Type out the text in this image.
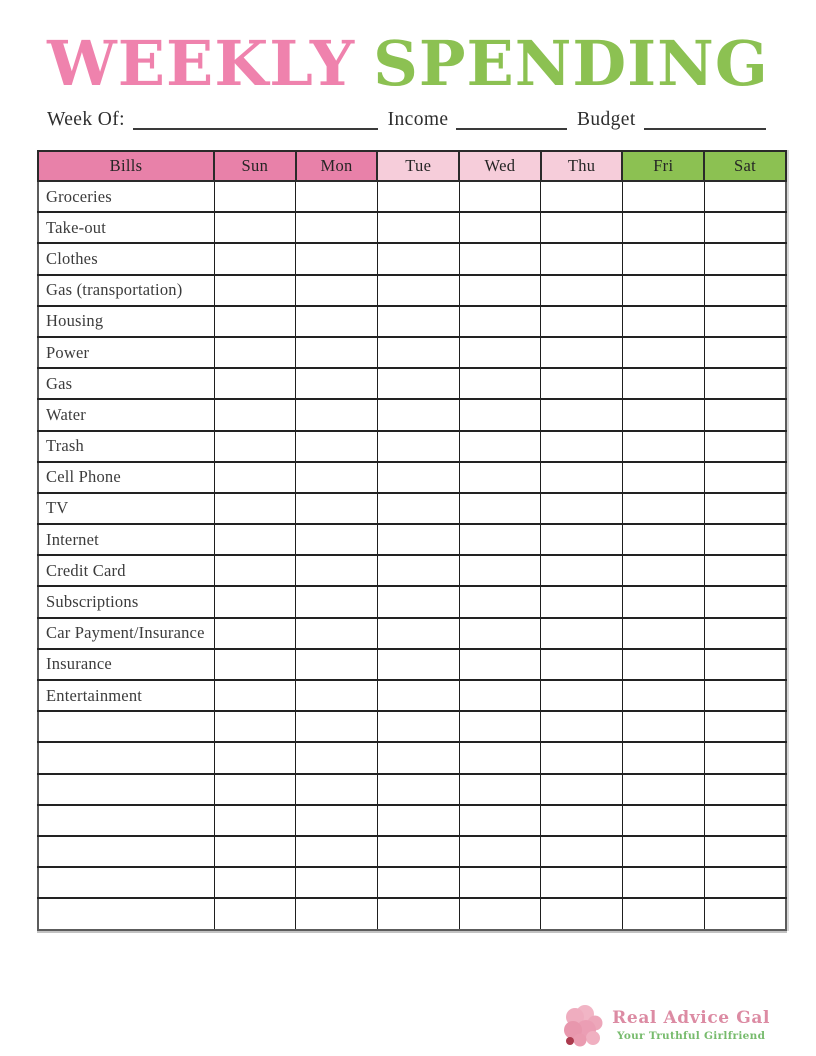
WEEKLY SPENDING
Week Of:	Income	Budget
Bills	Sun	Mon	Tue	Wed	Thu	Fri	Sat
Groceries							
Take-out							
Clothes							
Gas (transportation)							
Housing							
Power							
Gas							
Water							
Trash							
Cell Phone							
TV							
Internet							
Credit Card							
Subscriptions							
Car Payment/Insurance							
Insurance							
Entertainment							

Real Advice Gal
Your Truthful Girlfriend
